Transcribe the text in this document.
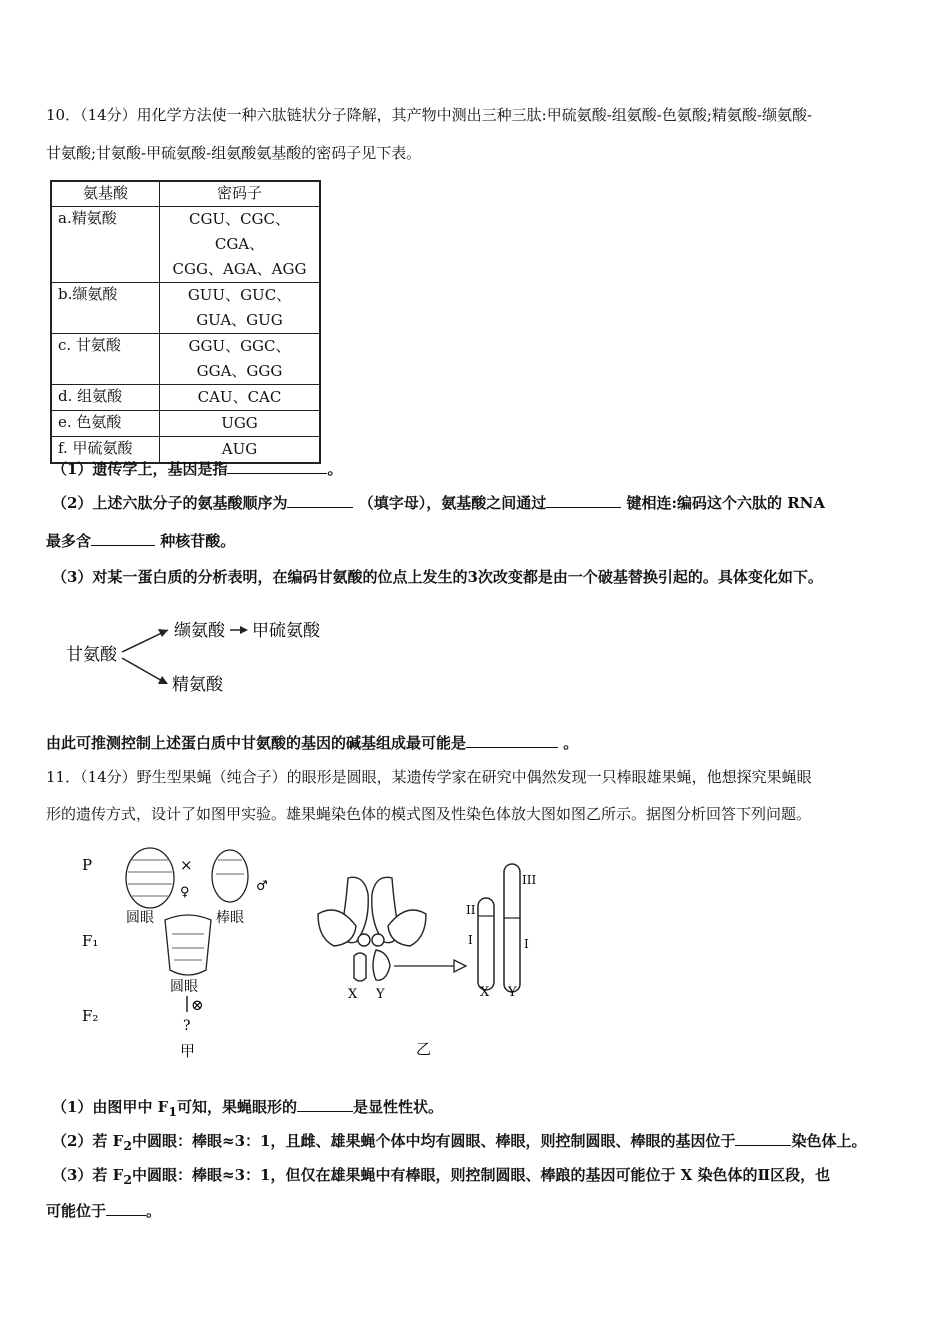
10．（14分）用化学方法使一种六肽链状分子降解，其产物中测出三种三肽:甲硫氨酸-组氨酸-色氨酸;精氨酸-缬氨酸-
甘氨酸;甘氨酸-甲硫氨酸-组氨酸氨基酸的密码子见下表。
氨基酸	密码子
a.精氨酸	CGU、CGC、CGA、
CGG、AGA、AGG

b.缬氨酸	GUU、GUC、
GUA、GUG

c. 甘氨酸	GGU、GGC、
GGA、GGG

d. 组氨酸	CAU、CAC

e. 色氨酸	UGG

f. 甲硫氨酸	AUG
（1）遗传学上，基因是指	。
（2）上述六肽分子的氨基酸顺序为	（填字母），氨基酸之间通过	键相连:编码这个六肽的 RNA
最多含	种核苷酸。
（3）对某一蛋白质的分析表明，在编码甘氨酸的位点上发生的3次改变都是由一个破基替换引起的。具体变化如下。
甘氨酸
缬氨酸 甲硫氨酸
精氨酸
由此可推测控制上述蛋白质中甘氨酸的基因的碱基组成最可能是	。
11．（14分）野生型果蝇（纯合子）的眼形是圆眼，某遗传学家在研究中偶然发现一只棒眼雄果蝇，他想探究果蝇眼
形的遗传方式，设计了如图甲实验。雄果蝇染色体的模式图及性染色体放大图如图乙所示。据图分析回答下列问题。
P
F₁
F₂
×
♀	♂
圆眼	棒眼
圆眼
⊗
?
甲
X Y
II
I
III
I
X Y
乙
（1）由图甲中 $F_1$可知，果蝇眼形的	是显性性状。
（2）若 $F_2$中圆眼：棒眼≈3：1，且雌、雄果蝇个体中均有圆眼、棒眼，则控制圆眼、棒眼的基因位于	染色体上。
（3）若 $F_2$中圆眼：棒眼≈3：1，但仅在雄果蝇中有棒眼，则控制圆眼、棒踉的基因可能位于 X 染色体的Ⅱ区段，也
可能位于	。
